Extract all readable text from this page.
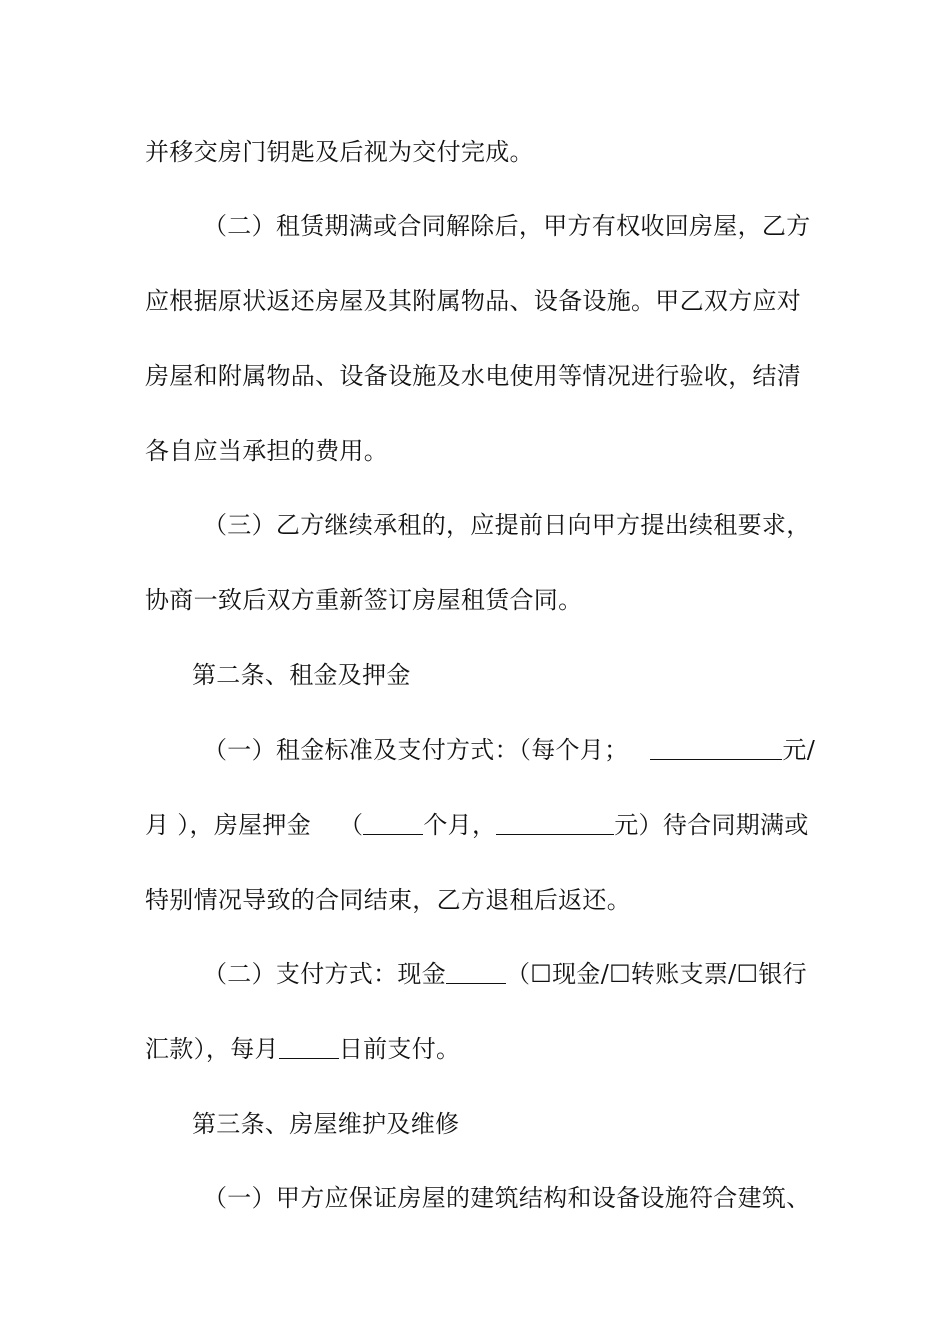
并移交房门钥匙及后视为交付完成。
（二）租赁期满或合同解除后，甲方有权收回房屋，乙方
应根据原状返还房屋及其附属物品、设备设施。甲乙双方应对
房屋和附属物品、设备设施及水电使用等情况进行验收，结清
各自应当承担的费用。
（三）乙方继续承租的，应提前日向甲方提出续租要求，
协商一致后双方重新签订房屋租赁合同。
第二条、租金及押金
（一）租金标准及支付方式：（每个月；	元/
月 ），房屋押金 （	个月，	元）待合同期满或
特别情况导致的合同结束，乙方退租后返还。
（二）支付方式：现金	（☐现金/☐转账支票/☐银行
汇款），每月	日前支付。
第三条、房屋维护及维修
（一）甲方应保证房屋的建筑结构和设备设施符合建筑、
